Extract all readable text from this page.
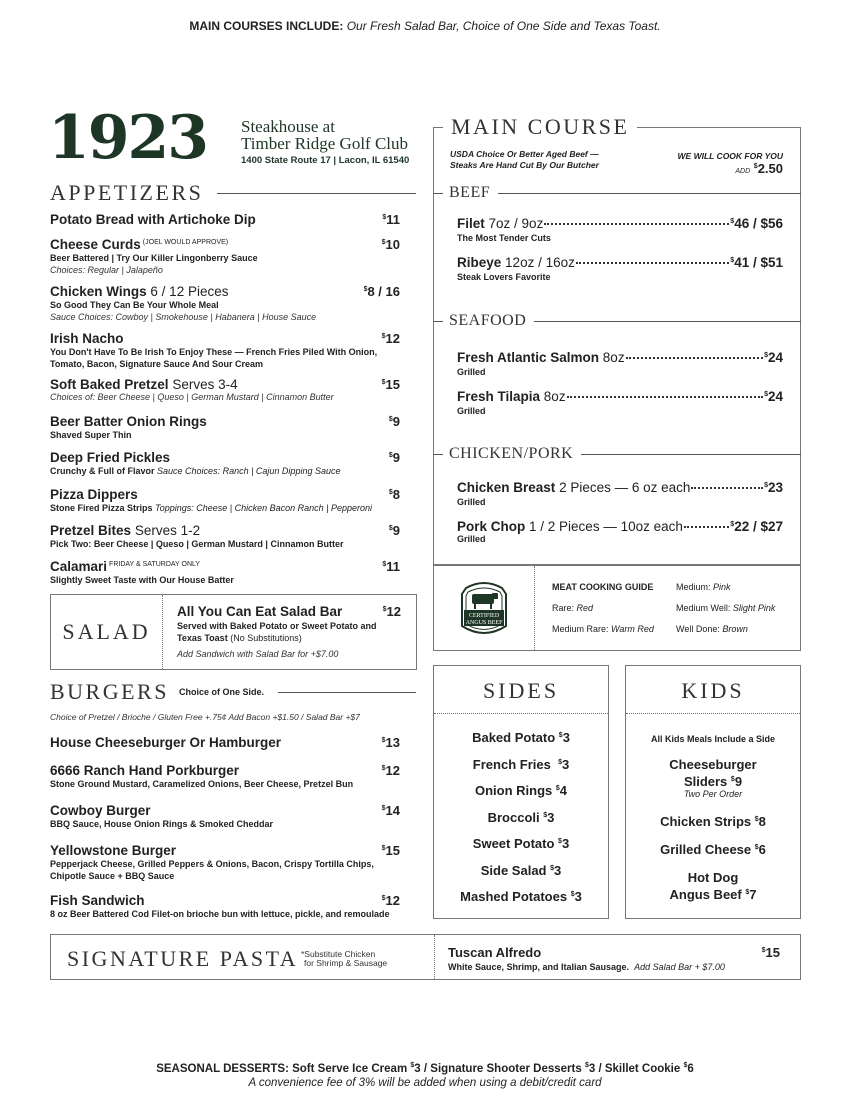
MAIN COURSES INCLUDE: Our Fresh Salad Bar, Choice of One Side and Texas Toast.
1923 Steakhouse at
Timber Ridge Golf Club
1400 State Route 17 | Lacon, IL 61540
APPETIZERS
Potato Bread with Artichoke Dip	$11
Cheese Curds $^{(JOEL WOULD APPROVE)}$	$10
Beer Battered | Try Our Killer Lingonberry Sauce
Choices: Regular | Jalapeño
Chicken Wings 6 / 12 Pieces	$8 / 16
So Good They Can Be Your Whole Meal
Sauce Choices: Cowboy | Smokehouse | Habanera | House Sauce
Irish Nacho	$12
You Don't Have To Be Irish To Enjoy These — French Fries Piled With Onion, Tomato, Bacon, Signature Sauce And Sour Cream
Soft Baked Pretzel Serves 3-4	$15
Choices of: Beer Cheese | Queso | German Mustard | Cinnamon Butter
Beer Batter Onion Rings	$9
Shaved Super Thin
Deep Fried Pickles	$9
Crunchy & Full of Flavor Sauce Choices: Ranch | Cajun Dipping Sauce
Pizza Dippers	$8
Stone Fired Pizza Strips Toppings: Cheese | Chicken Bacon Ranch | Pepperoni
Pretzel Bites Serves 1-2	$9
Pick Two: Beer Cheese | Queso | German Mustard | Cinnamon Butter
Calamari $^{FRIDAY \& SATURDAY ONLY}$	$11
Slightly Sweet Taste with Our House Batter
SALAD
All You Can Eat Salad Bar	$12
Served with Baked Potato or Sweet Potato and Texas Toast (No Substitutions)
Add Sandwich with Salad Bar for +$7.00
BURGERS Choice of One Side.
Choice of Pretzel / Brioche / Gluten Free +.75¢ Add Bacon +$1.50 / Salad Bar +$7
House Cheeseburger Or Hamburger	$13
6666 Ranch Hand Porkburger	$12
Stone Ground Mustard, Caramelized Onions, Beer Cheese, Pretzel Bun
Cowboy Burger	$14
BBQ Sauce, House Onion Rings & Smoked Cheddar
Yellowstone Burger	$15
Pepperjack Cheese, Grilled Peppers & Onions, Bacon, Crispy Tortilla Chips, Chipotle Sauce + BBQ Sauce
Fish Sandwich	$12
8 oz Beer Battered Cod Filet-on brioche bun with lettuce, pickle, and remoulade
MAIN COURSE
USDA Choice Or Better Aged Beef —
Steaks Are Hand Cut By Our Butcher
WE WILL COOK FOR YOU
ADD $2.50
BEEF
Filet 7oz / 9oz	$46 / $56
The Most Tender Cuts
Ribeye 12oz / 16oz	$41 / $51
Steak Lovers Favorite
SEAFOOD
Fresh Atlantic Salmon 8oz	$24
Grilled
Fresh Tilapia 8oz	$24
Grilled
CHICKEN/PORK
Chicken Breast 2 Pieces — 6 oz each	$23
Grilled
Pork Chop 1 / 2 Pieces — 10oz each	$22 / $27
Grilled
CERTIFIED
ANGUS BEEF
MEAT COOKING GUIDE
Rare: Red
Medium Rare: Warm Red
Medium: Pink
Medium Well: Slight Pink
Well Done: Brown
SIDES
Baked Potato $3
French Fries $3
Onion Rings $4
Broccoli $3
Sweet Potato $3
Side Salad $3
Mashed Potatoes $3
KIDS
All Kids Meals Include a Side
Cheeseburger
Sliders $9
Two Per Order
Chicken Strips $8
Grilled Cheese $6
Hot Dog
Angus Beef $7
SIGNATURE PASTA *Substitute Chicken
for Shrimp & Sausage
Tuscan Alfredo
White Sauce, Shrimp, and Italian Sausage. Add Salad Bar + $7.00
$15
SEASONAL DESSERTS: Soft Serve Ice Cream $3 / Signature Shooter Desserts $3 / Skillet Cookie $6
A convenience fee of 3% will be added when using a debit/credit card
